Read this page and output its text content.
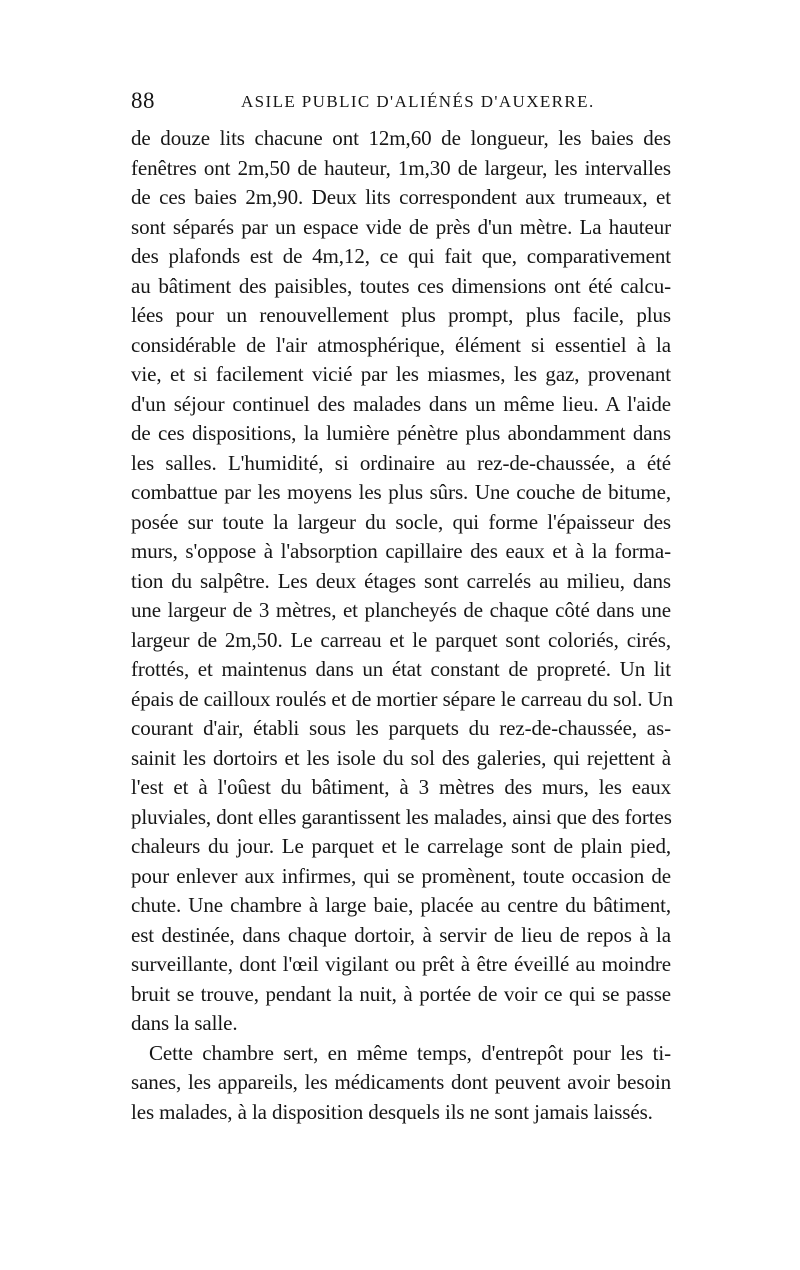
88	ASILE PUBLIC D'ALIÉNÉS D'AUXERRE.

de douze lits chacune ont 12m,60 de longueur, les baies des
fenêtres ont 2m,50 de hauteur, 1m,30 de largeur, les intervalles
de ces baies 2m,90. Deux lits correspondent aux trumeaux, et
sont séparés par un espace vide de près d'un mètre. La hauteur
des plafonds est de 4m,12, ce qui fait que, comparativement
au bâtiment des paisibles, toutes ces dimensions ont été calcu-
lées pour un renouvellement plus prompt, plus facile, plus
considérable de l'air atmosphérique, élément si essentiel à la
vie, et si facilement vicié par les miasmes, les gaz, provenant
d'un séjour continuel des malades dans un même lieu. A l'aide
de ces dispositions, la lumière pénètre plus abondamment dans
les salles. L'humidité, si ordinaire au rez-de-chaussée, a été
combattue par les moyens les plus sûrs. Une couche de bitume,
posée sur toute la largeur du socle, qui forme l'épaisseur des
murs, s'oppose à l'absorption capillaire des eaux et à la forma-
tion du salpêtre. Les deux étages sont carrelés au milieu, dans
une largeur de 3 mètres, et plancheyés de chaque côté dans une
largeur de 2m,50. Le carreau et le parquet sont coloriés, cirés,
frottés, et maintenus dans un état constant de propreté. Un lit
épais de cailloux roulés et de mortier sépare le carreau du sol. Un
courant d'air, établi sous les parquets du rez-de-chaussée, as-
sainit les dortoirs et les isole du sol des galeries, qui rejettent à
l'est et à l'oûest du bâtiment, à 3 mètres des murs, les eaux
pluviales, dont elles garantissent les malades, ainsi que des fortes
chaleurs du jour. Le parquet et le carrelage sont de plain pied,
pour enlever aux infirmes, qui se promènent, toute occasion de
chute. Une chambre à large baie, placée au centre du bâtiment,
est destinée, dans chaque dortoir, à servir de lieu de repos à la
surveillante, dont l'œil vigilant ou prêt à être éveillé au moindre
bruit se trouve, pendant la nuit, à portée de voir ce qui se passe
dans la salle.

Cette chambre sert, en même temps, d'entrepôt pour les ti-
sanes, les appareils, les médicaments dont peuvent avoir besoin
les malades, à la disposition desquels ils ne sont jamais laissés.
